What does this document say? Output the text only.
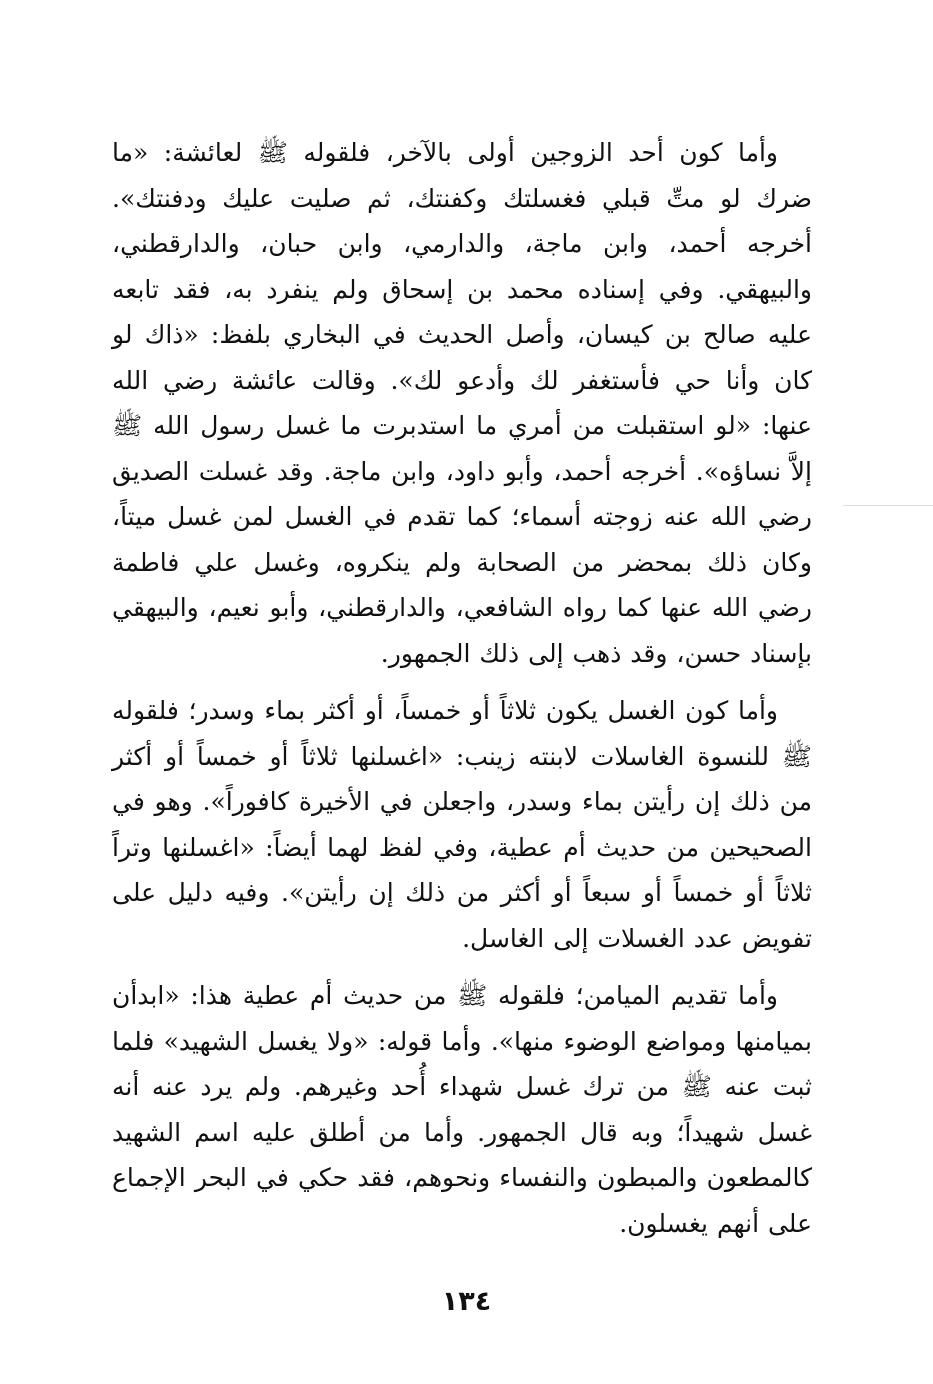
وأما كون أحد الزوجين أولى بالآخر، فلقوله ﷺ لعائشة: «ما ضرك لو متِّ قبلي فغسلتك وكفنتك، ثم صليت عليك ودفنتك». أخرجه أحمد، وابن ماجة، والدارمي، وابن حبان، والدارقطني، والبيهقي. وفي إسناده محمد بن إسحاق ولم ينفرد به، فقد تابعه عليه صالح بن كيسان، وأصل الحديث في البخاري بلفظ: «ذاك لو كان وأنا حي فأستغفر لك وأدعو لك». وقالت عائشة رضي الله عنها: «لو استقبلت من أمري ما استدبرت ما غسل رسول الله ﷺ إلاَّ نساؤه». أخرجه أحمد، وأبو داود، وابن ماجة. وقد غسلت الصديق رضي الله عنه زوجته أسماء؛ كما تقدم في الغسل لمن غسل ميتاً، وكان ذلك بمحضر من الصحابة ولم ينكروه، وغسل علي فاطمة رضي الله عنها كما رواه الشافعي، والدارقطني، وأبو نعيم، والبيهقي بإسناد حسن، وقد ذهب إلى ذلك الجمهور.

وأما كون الغسل يكون ثلاثاً أو خمساً، أو أكثر بماء وسدر؛ فلقوله ﷺ للنسوة الغاسلات لابنته زينب: «اغسلنها ثلاثاً أو خمساً أو أكثر من ذلك إن رأيتن بماء وسدر، واجعلن في الأخيرة كافوراً». وهو في الصحيحين من حديث أم عطية، وفي لفظ لهما أيضاً: «اغسلنها وتراً ثلاثاً أو خمساً أو سبعاً أو أكثر من ذلك إن رأيتن». وفيه دليل على تفويض عدد الغسلات إلى الغاسل.

وأما تقديم الميامن؛ فلقوله ﷺ من حديث أم عطية هذا: «ابدأن بميامنها ومواضع الوضوء منها». وأما قوله: «ولا يغسل الشهيد» فلما ثبت عنه ﷺ من ترك غسل شهداء أُحد وغيرهم. ولم يرد عنه أنه غسل شهيداً؛ وبه قال الجمهور. وأما من أطلق عليه اسم الشهيد كالمطعون والمبطون والنفساء ونحوهم، فقد حكي في البحر الإجماع على أنهم يغسلون.

١٣٤
